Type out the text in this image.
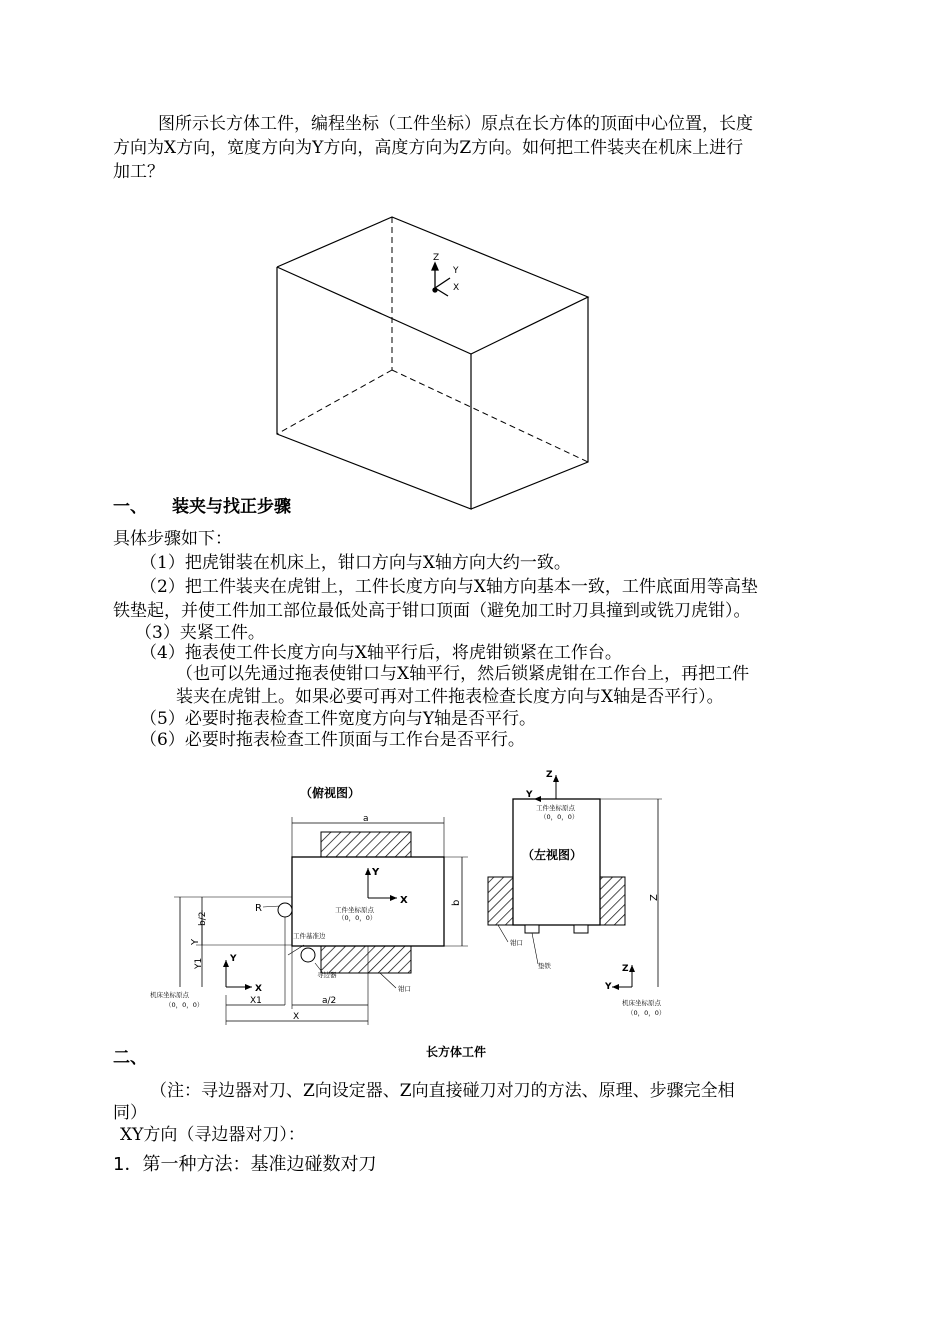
图所示长方体工件，编程坐标（工件坐标）原点在长方体的顶面中心位置，长度
方向为X方向，宽度方向为Y方向，高度方向为Z方向。如何把工件装夹在机床上进行
加工？
Z
Y
X
一、 装夹与找正步骤
具体步骤如下：
（1）把虎钳装在机床上，钳口方向与X轴方向大约一致。
（2）把工件装夹在虎钳上，工件长度方向与X轴方向基本一致，工件底面用等高垫
铁垫起，并使工件加工部位最低处高于钳口顶面（避免加工时刀具撞到或铣刀虎钳）。
（3）夹紧工件。
（4）拖表使工件长度方向与X轴平行后，将虎钳锁紧在工作台。
（也可以先通过拖表使钳口与X轴平行，然后锁紧虎钳在工作台上，再把工件
装夹在虎钳上。如果必要可再对工件拖表检查长度方向与X轴是否平行）。
（5）必要时拖表检查工件宽度方向与Y轴是否平行。
（6）必要时拖表检查工件顶面与工作台是否平行。
（俯视图）
a
b
Y
X
工件坐标原点
（0，0，0）
R
工件基准边
寻边器
钳口
Y
Y1
b/2
Y
X
机床坐标原点
（0，0，0）	X1	a/2
X
（左视图）
工件坐标原点
（0，0，0）
Z
Y
Z
钳口
垫铁	Z
Y
机床坐标原点
（0，0，0）
长方体工件
二、
（注：寻边器对刀、Z向设定器、Z向直接碰刀对刀的方法、原理、步骤完全相
同）
XY方向（寻边器对刀）：
1．第一种方法：基准边碰数对刀
